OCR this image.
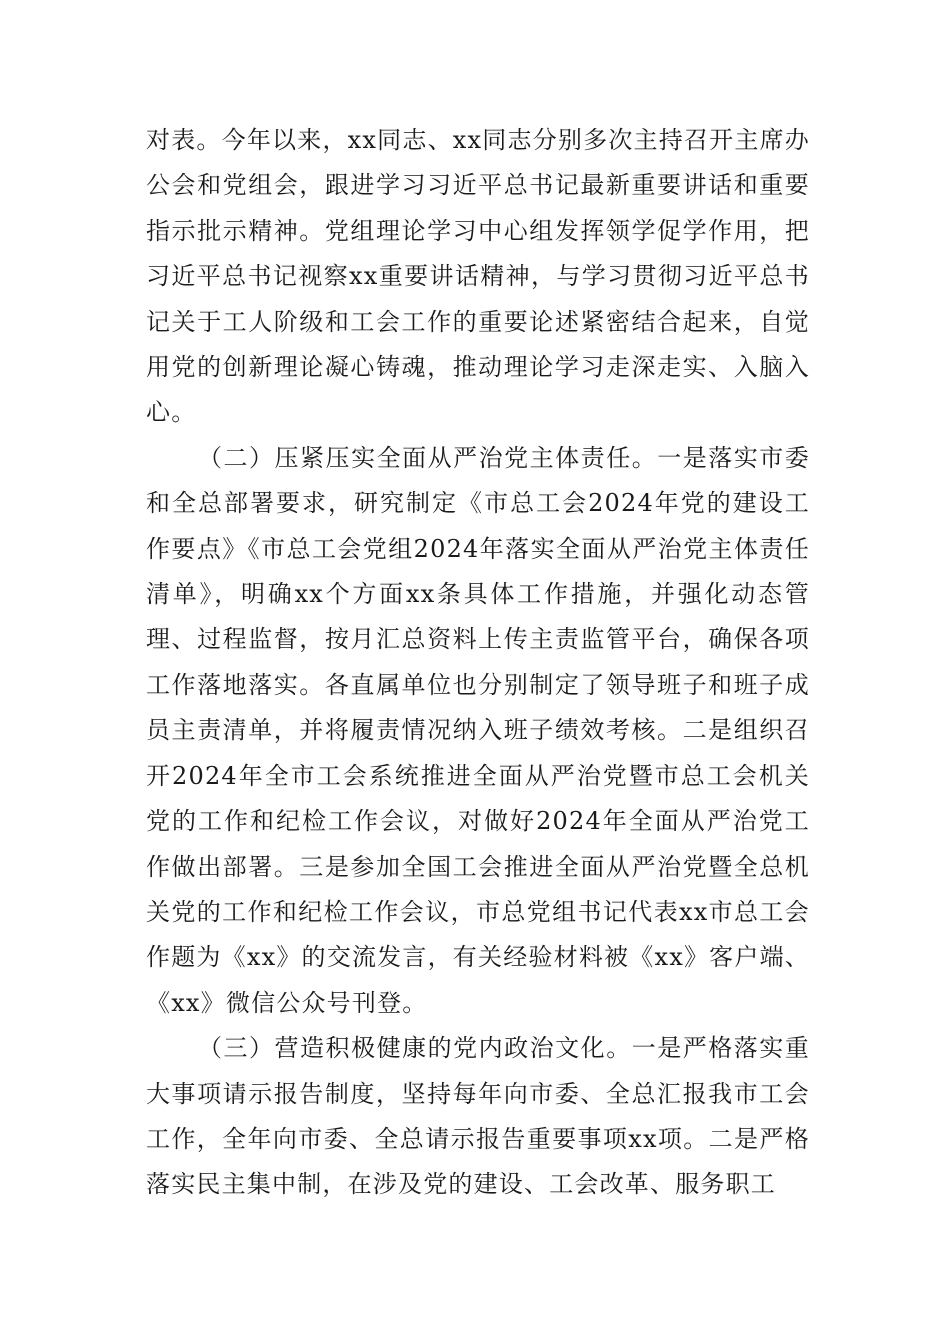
对表。今年以来，xx同志、xx同志分别多次主持召开主席办公会和党组会，跟进学习习近平总书记最新重要讲话和重要指示批示精神。党组理论学习中心组发挥领学促学作用，把习近平总书记视察xx重要讲话精神，与学习贯彻习近平总书记关于工人阶级和工会工作的重要论述紧密结合起来，自觉用党的创新理论凝心铸魂，推动理论学习走深走实、入脑入心。

（二）压紧压实全面从严治党主体责任。一是落实市委和全总部署要求，研究制定《市总工会2024年党的建设工作要点》《市总工会党组2024年落实全面从严治党主体责任清单》，明确xx个方面xx条具体工作措施，并强化动态管理、过程监督，按月汇总资料上传主责监管平台，确保各项工作落地落实。各直属单位也分别制定了领导班子和班子成员主责清单，并将履责情况纳入班子绩效考核。二是组织召开2024年全市工会系统推进全面从严治党暨市总工会机关党的工作和纪检工作会议，对做好2024年全面从严治党工作做出部署。三是参加全国工会推进全面从严治党暨全总机关党的工作和纪检工作会议，市总党组书记代表xx市总工会作题为《xx》的交流发言，有关经验材料被《xx》客户端、《xx》微信公众号刊登。

（三）营造积极健康的党内政治文化。一是严格落实重大事项请示报告制度，坚持每年向市委、全总汇报我市工会工作，全年向市委、全总请示报告重要事项xx项。二是严格落实民主集中制，在涉及党的建设、工会改革、服务职工
